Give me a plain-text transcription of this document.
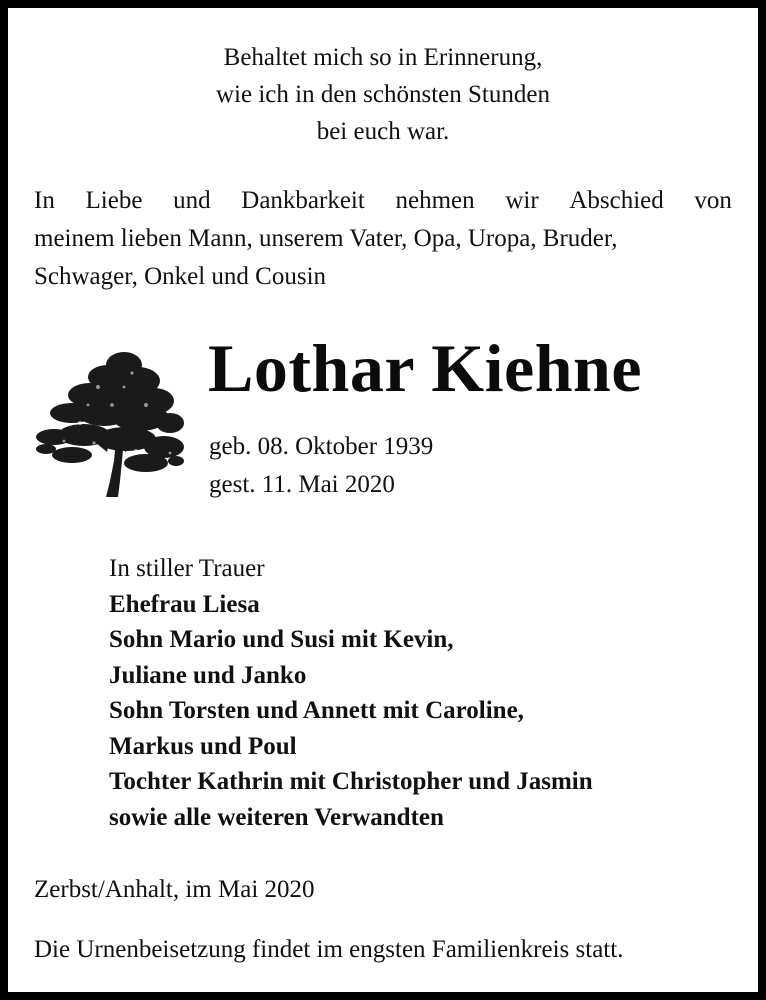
Behaltet mich so in Erinnerung,
wie ich in den schönsten Stunden
bei euch war.
In Liebe und Dankbarkeit nehmen wir Abschied von
meinem lieben Mann, unserem Vater, Opa, Uropa, Bruder,
Schwager, Onkel und Cousin
Lothar Kiehne
geb. 08. Oktober 1939
gest. 11. Mai 2020
In stiller Trauer
Ehefrau Liesa
Sohn Mario und Susi mit Kevin,
Juliane und Janko
Sohn Torsten und Annett mit Caroline,
Markus und Poul
Tochter Kathrin mit Christopher und Jasmin
sowie alle weiteren Verwandten
Zerbst/Anhalt, im Mai 2020
Die Urnenbeisetzung findet im engsten Familienkreis statt.
